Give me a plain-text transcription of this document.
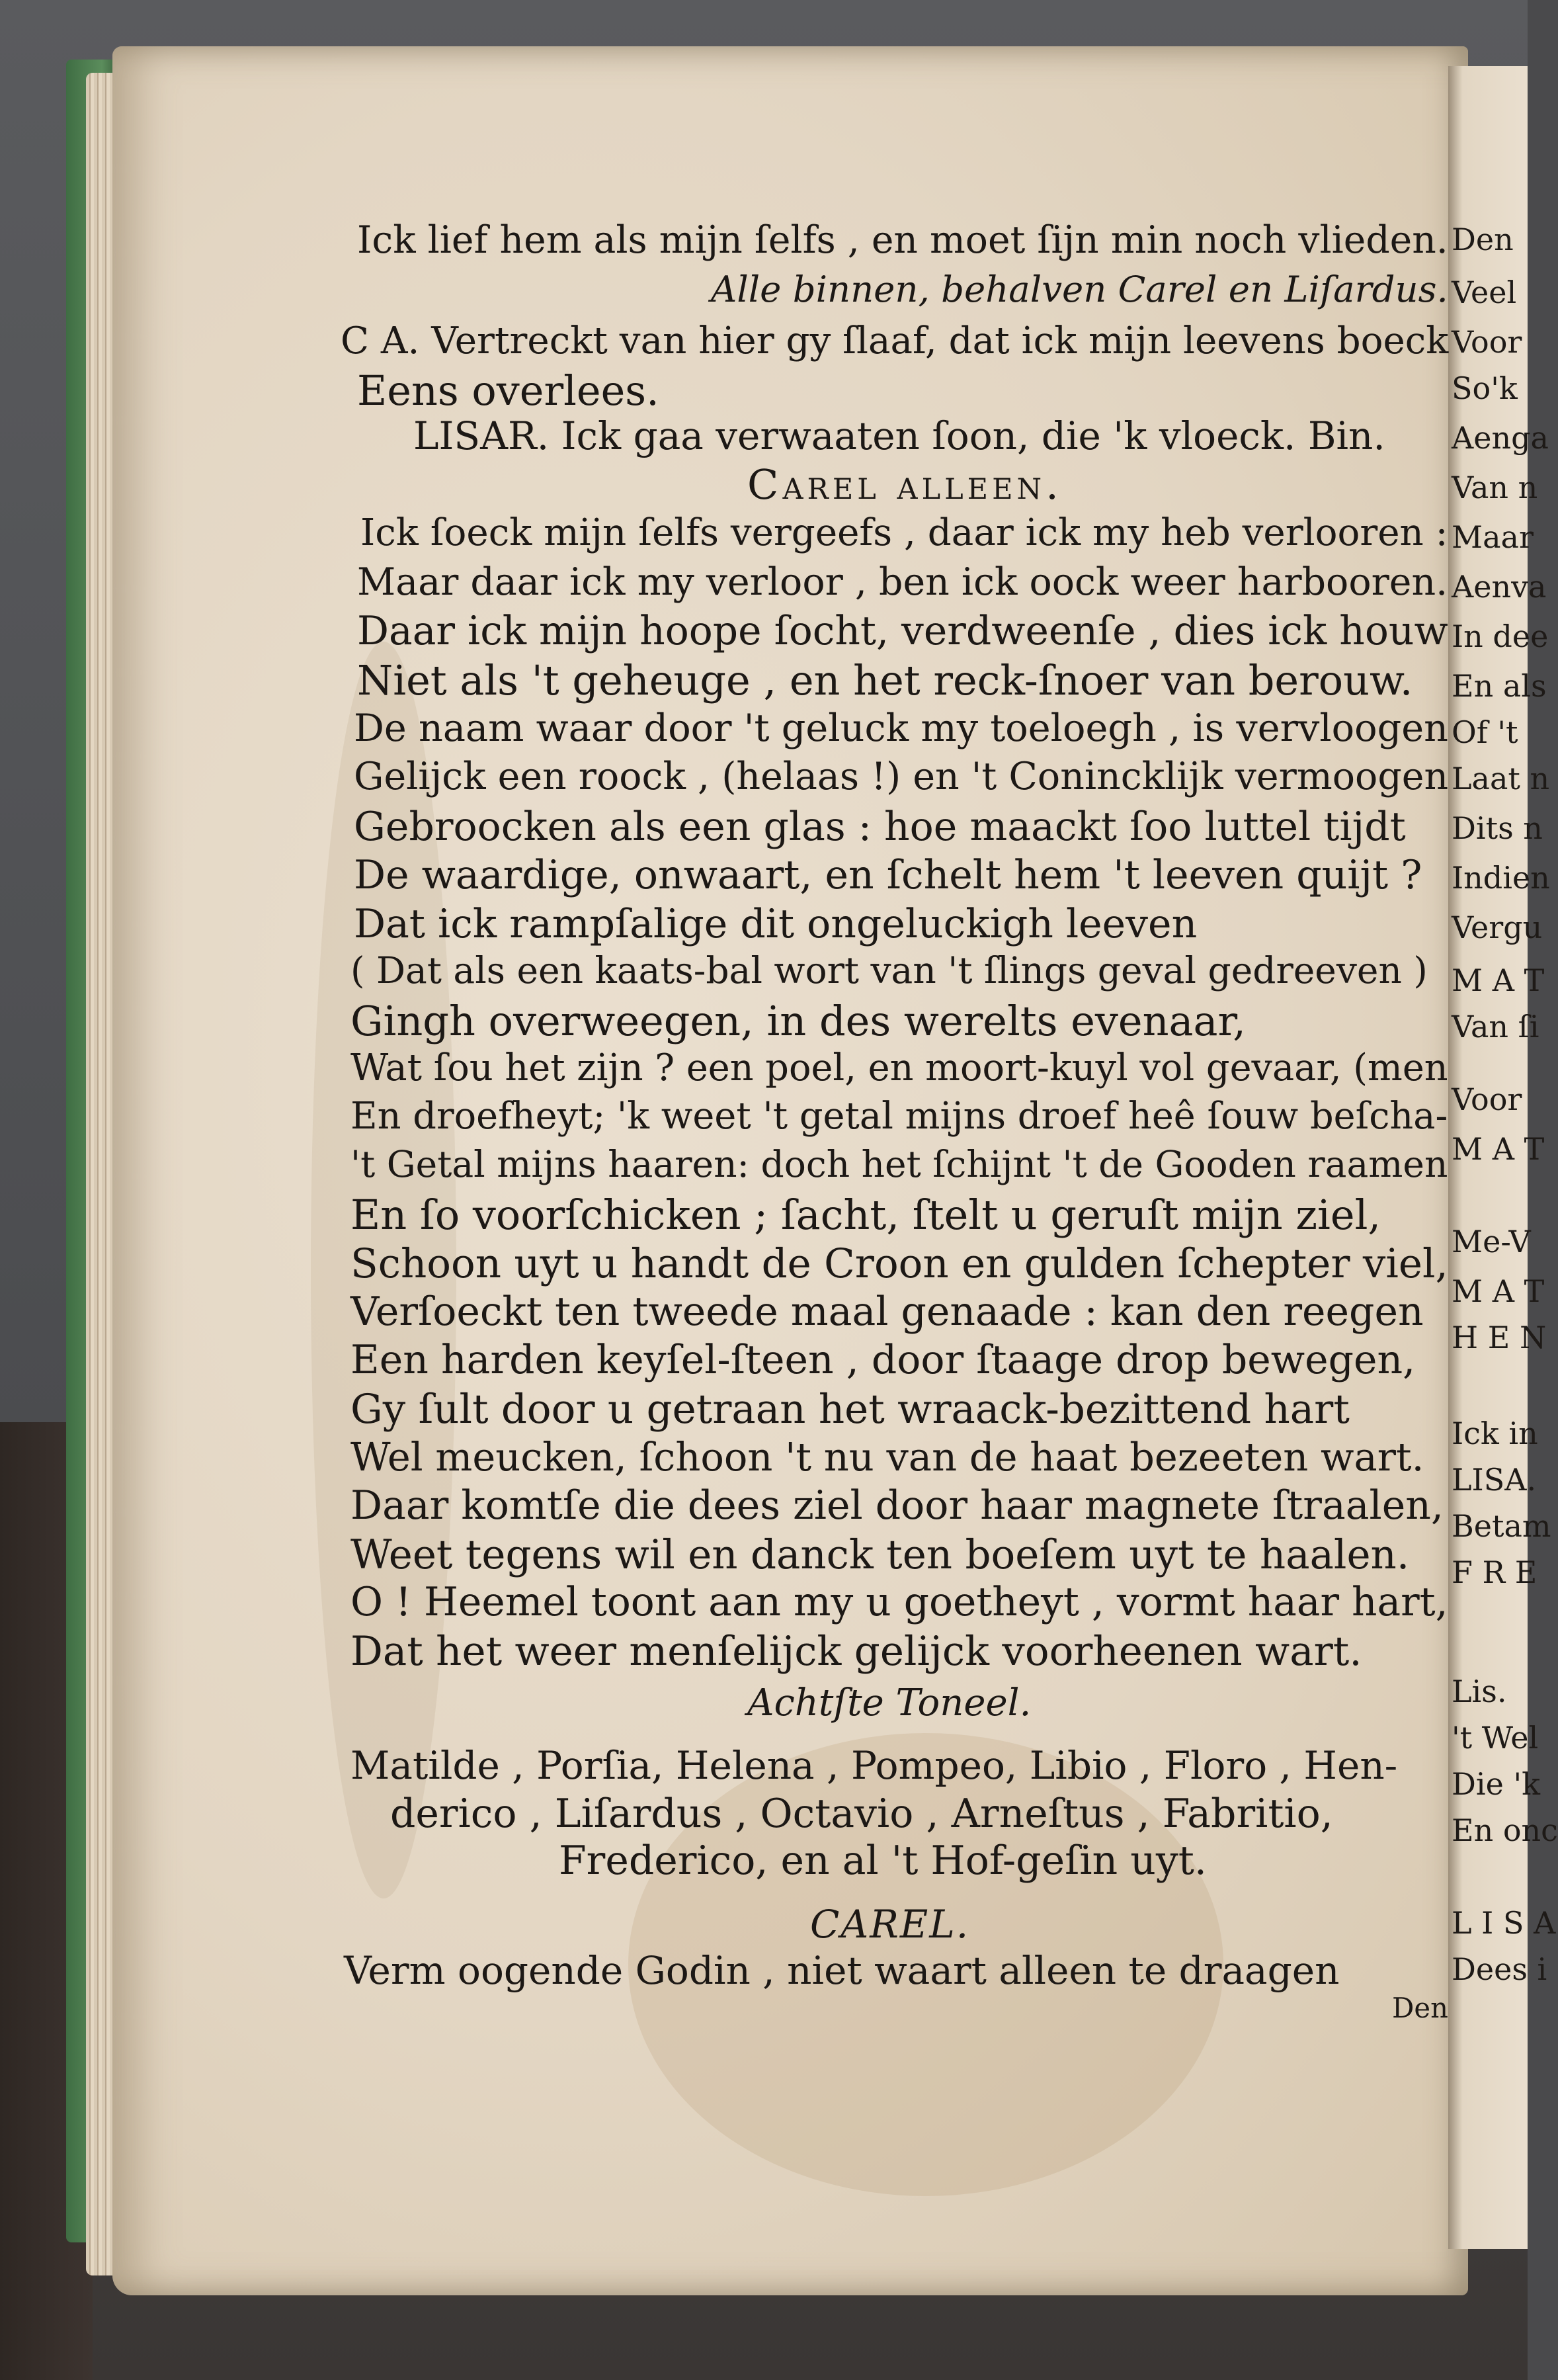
Den
Veel
Voor
So'k
Aenga
Van n
Maar
Aenva
In dee
En als
Of 't
Laat n
Dits n
Indien
Vergu
M A T
Van ſi
Voor
M A T
Me-V
M A T
H E N
Ick in
LISA.
Betam
F R E
Lis.
't Wel
Die 'k
En onc
L I S A
Dees i
Ick lief hem als mijn ſelfs , en moet ſijn min noch vlieden.
Alle binnen, behalven Carel en Liſardus.
C A. Vertreckt van hier gy ſlaaf, dat ick mijn leevens boeck
Eens overlees.
LISAR. Ick gaa verwaaten ſoon, die 'k vloeck. Bin.
Carel alleen.
Ick ſoeck mijn ſelfs vergeefs , daar ick my heb verlooren :
Maar daar ick my verloor , ben ick oock weer harbooren.
Daar ick mijn hoope ſocht, verdweenſe , dies ick houw
Niet als 't geheuge , en het reck-ſnoer van berouw.
De naam waar door 't geluck my toeloegh , is vervloogen
Gelijck een roock , (helaas !) en 't Conincklijk vermoogen
Gebroocken als een glas : hoe maackt ſoo luttel tijdt
De waardige, onwaart, en ſchelt hem 't leeven quijt ?
Dat ick rampſalige dit ongeluckigh leeven
( Dat als een kaats-bal wort van 't ſlings geval gedreeven )
Gingh overweegen, in des werelts evenaar,
Wat ſou het zijn ? een poel, en moort-kuyl vol gevaar, (men
En droefheyt; 'k weet 't getal mijns droef heê ſouw beſcha-
't Getal mijns haaren: doch het ſchijnt 't de Gooden raamen
En ſo voorſchicken ; ſacht, ſtelt u geruſt mijn ziel,
Schoon uyt u handt de Croon en gulden ſchepter viel,
Verſoeckt ten tweede maal genaade : kan den reegen
Een harden keyſel-ſteen , door ſtaage drop bewegen,
Gy ſult door u getraan het wraack-bezittend hart
Wel meucken, ſchoon 't nu van de haat bezeeten wart.
Daar komtſe die dees ziel door haar magnete ſtraalen,
Weet tegens wil en danck ten boeſem uyt te haalen.
O ! Heemel toont aan my u goetheyt , vormt haar hart,
Dat het weer menſelijck gelijck voorheenen wart.
Achtſte Toneel.
Matilde , Porſia, Helena , Pompeo, Libio , Floro , Hen-
derico , Liſardus , Octavio , Arneſtus , Fabritio,
Frederico, en al 't Hof-geſin uyt.
CAREL.
Verm oogende Godin , niet waart alleen te draagen
Den
